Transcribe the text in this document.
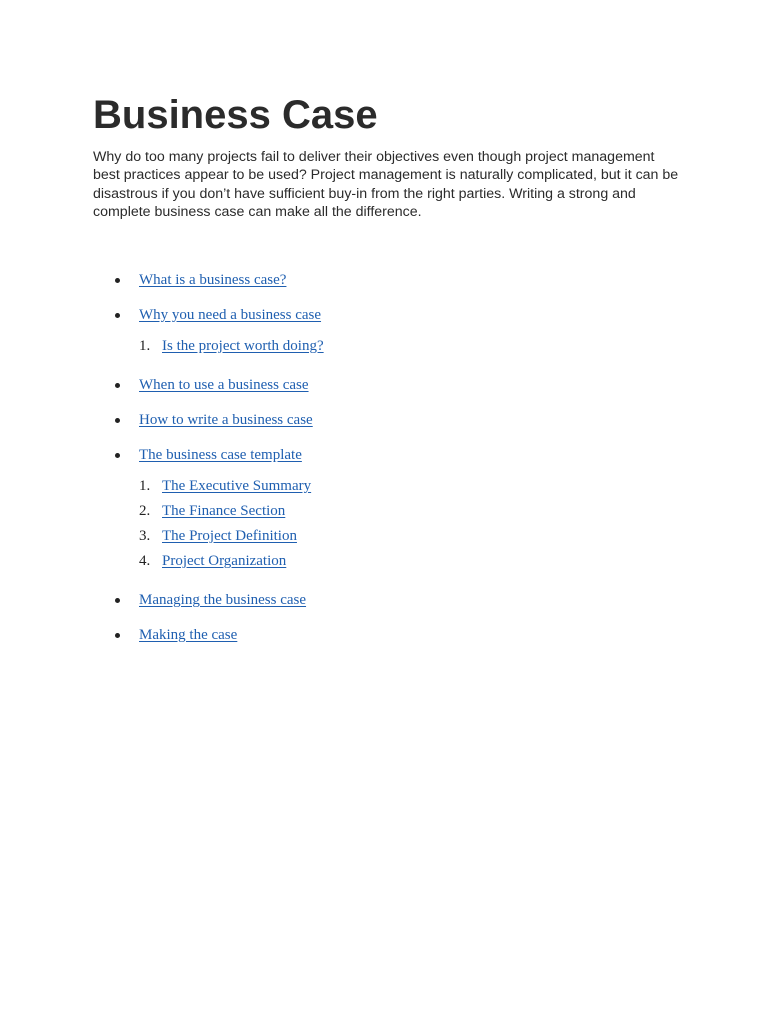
Business Case

Why do too many projects fail to deliver their objectives even though project management best practices appear to be used? Project management is naturally complicated, but it can be disastrous if you don’t have sufficient buy-in from the right parties. Writing a strong and complete business case can make all the difference.

What is a business case?
Why you need a business case
1. Is the project worth doing?
When to use a business case
How to write a business case
The business case template
1. The Executive Summary
2. The Finance Section
3. The Project Definition
4. Project Organization
Managing the business case
Making the case
